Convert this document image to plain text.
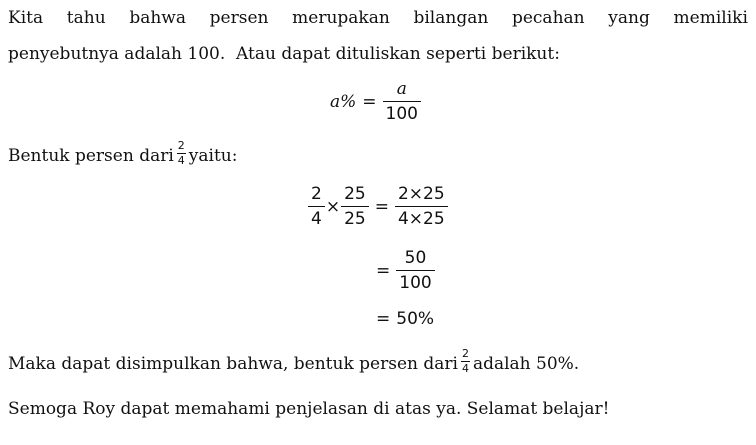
Kita tahu bahwa persen merupakan bilangan pecahan yang memiliki
penyebutnya adalah 100.  Atau dapat dituliskan seperti berikut:
$a\% = \frac{a}{100}$
Bentuk persen dari $\frac{2}{4}$ yaitu:
$\frac{2}{4} \times \frac{25}{25} = \frac{2\times 25}{4\times 25}$
= $\frac{50}{100}$
= 50%
Maka dapat disimpulkan bahwa, bentuk persen dari $\frac{2}{4}$ adalah 50%.
Semoga Roy dapat memahami penjelasan di atas ya. Selamat belajar!
